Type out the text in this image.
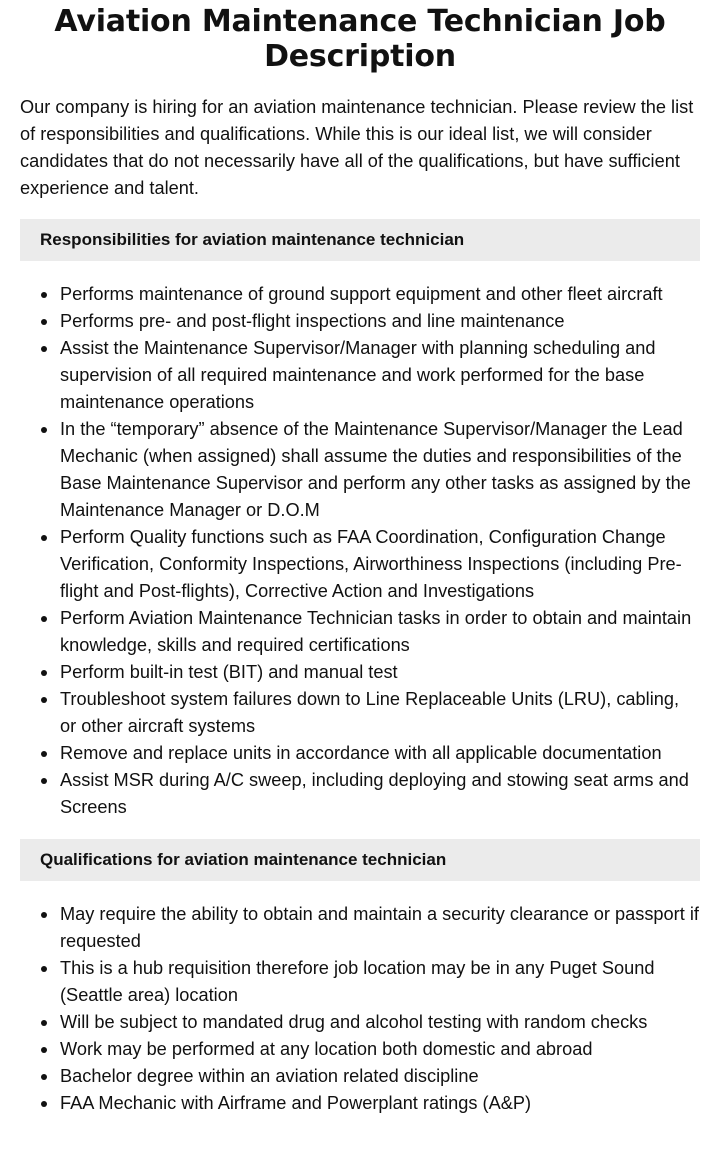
Aviation Maintenance Technician Job Description

Our company is hiring for an aviation maintenance technician. Please review the list of responsibilities and qualifications. While this is our ideal list, we will consider candidates that do not necessarily have all of the qualifications, but have sufficient experience and talent.

Responsibilities for aviation maintenance technician
Performs maintenance of ground support equipment and other fleet aircraft
Performs pre- and post-flight inspections and line maintenance
Assist the Maintenance Supervisor/Manager with planning scheduling and supervision of all required maintenance and work performed for the base maintenance operations
In the “temporary” absence of the Maintenance Supervisor/Manager the Lead Mechanic (when assigned) shall assume the duties and responsibilities of the Base Maintenance Supervisor and perform any other tasks as assigned by the Maintenance Manager or D.O.M
Perform Quality functions such as FAA Coordination, Configuration Change Verification, Conformity Inspections, Airworthiness Inspections (including Pre-flight and Post-flights), Corrective Action and Investigations
Perform Aviation Maintenance Technician tasks in order to obtain and maintain knowledge, skills and required certifications
Perform built-in test (BIT) and manual test
Troubleshoot system failures down to Line Replaceable Units (LRU), cabling, or other aircraft systems
Remove and replace units in accordance with all applicable documentation
Assist MSR during A/C sweep, including deploying and stowing seat arms and Screens
Qualifications for aviation maintenance technician
May require the ability to obtain and maintain a security clearance or passport if requested
This is a hub requisition therefore job location may be in any Puget Sound (Seattle area) location
Will be subject to mandated drug and alcohol testing with random checks
Work may be performed at any location both domestic and abroad
Bachelor degree within an aviation related discipline
FAA Mechanic with Airframe and Powerplant ratings (A&P)
